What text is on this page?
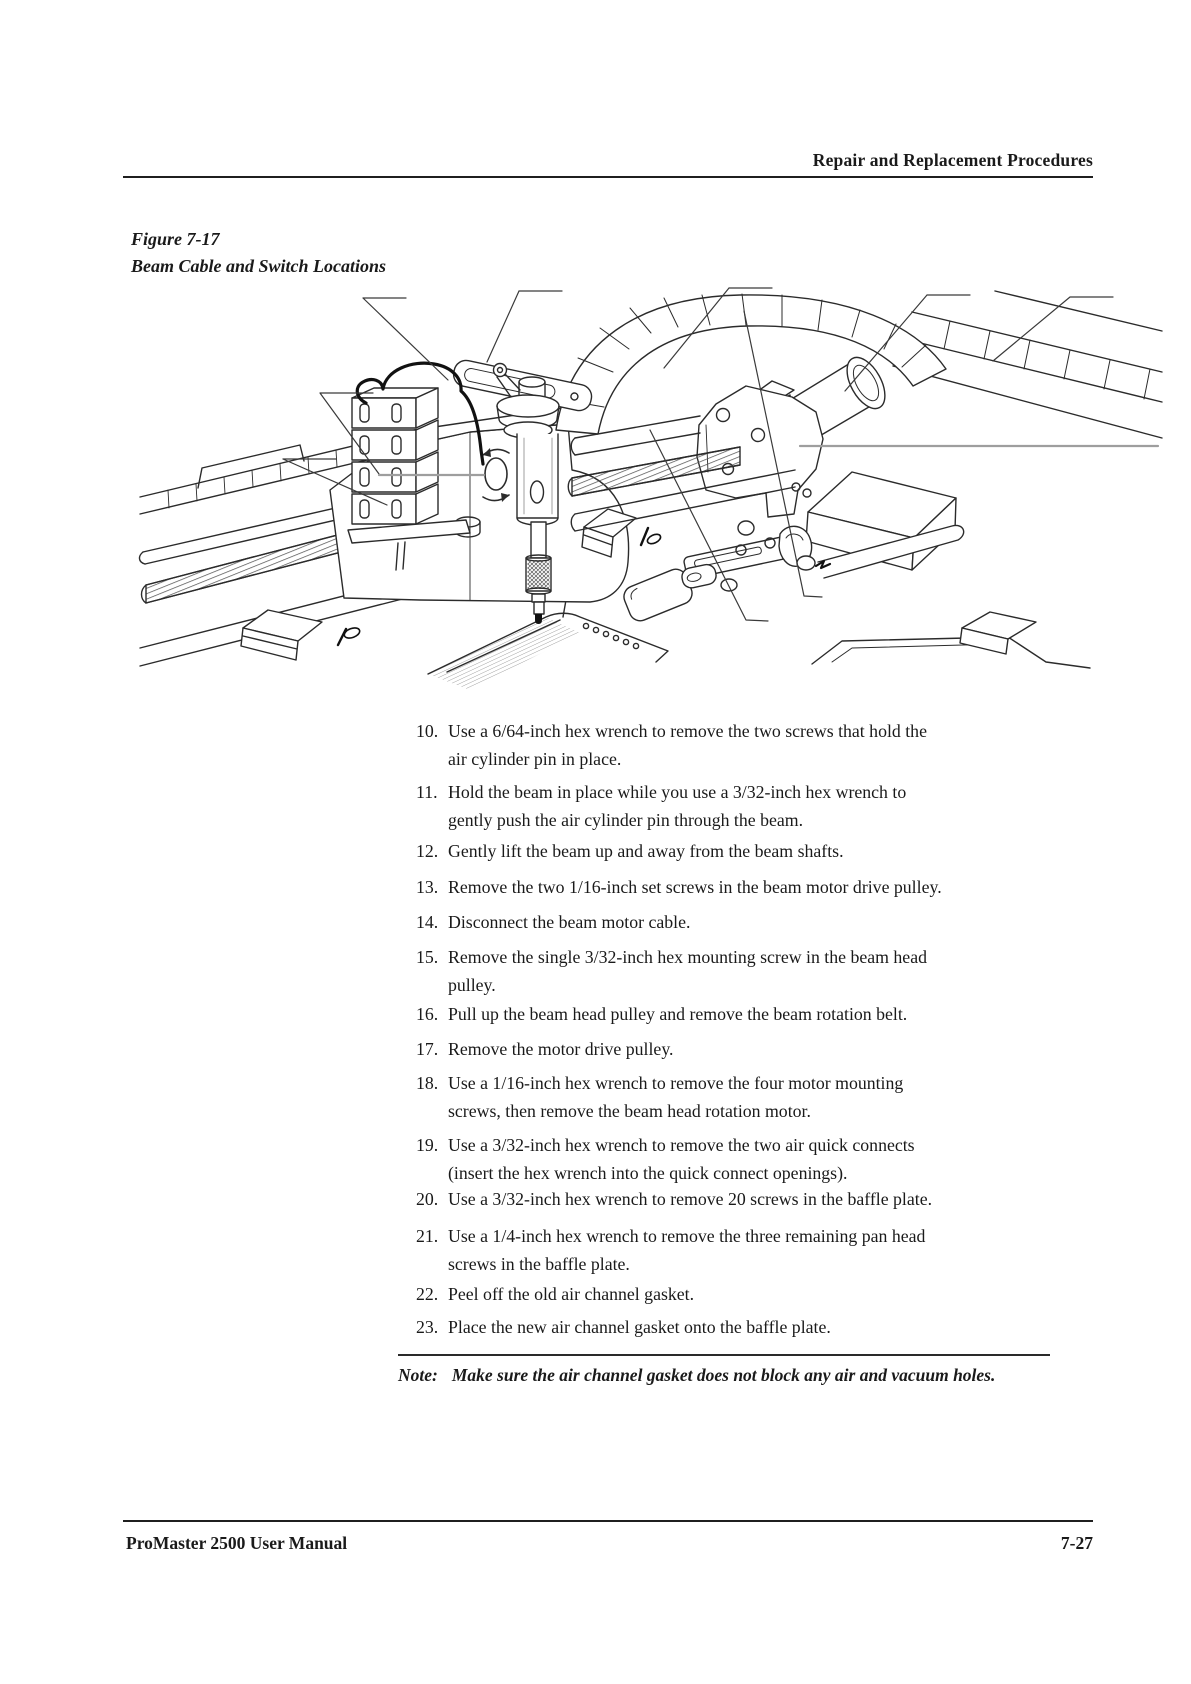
Repair and Replacement Procedures
Figure 7-17
Beam Cable and Switch Locations
10. Use a 6/64-inch hex wrench to remove the two screws that hold the
air cylinder pin in place.
11. Hold the beam in place while you use a 3/32-inch hex wrench to
gently push the air cylinder pin through the beam.
12. Gently lift the beam up and away from the beam shafts.
13. Remove the two 1/16-inch set screws in the beam motor drive pulley.
14. Disconnect the beam motor cable.
15. Remove the single 3/32-inch hex mounting screw in the beam head
pulley.
16. Pull up the beam head pulley and remove the beam rotation belt.
17. Remove the motor drive pulley.
18. Use a 1/16-inch hex wrench to remove the four motor mounting
screws, then remove the beam head rotation motor.
19. Use a 3/32-inch hex wrench to remove the two air quick connects
(insert the hex wrench into the quick connect openings).
20. Use a 3/32-inch hex wrench to remove 20 screws in the baffle plate.
21. Use a 1/4-inch hex wrench to remove the three remaining pan head
screws in the baffle plate.
22. Peel off the old air channel gasket.
23. Place the new air channel gasket onto the baffle plate.
Note: Make sure the air channel gasket does not block any air and vacuum holes.
ProMaster 2500 User Manual	7-27
